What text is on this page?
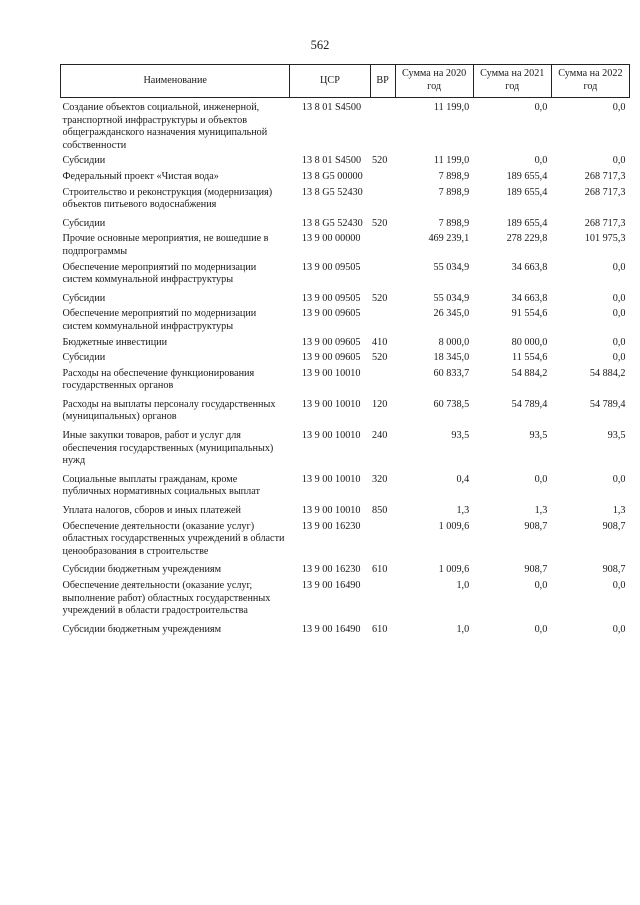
562
Наименование	ЦСР	ВР	Сумма на 2020 год	Сумма на 2021 год	Сумма на 2022 год
Создание объектов социальной, инженерной, транспортной инфраструктуры и объектов общегражданского назначения муниципальной собственности	13 8 01 S4500		11 199,0	0,0	0,0
Субсидии	13 8 01 S4500	520	11 199,0	0,0	0,0
Федеральный проект «Чистая вода»	13 8 G5 00000		7 898,9	189 655,4	268 717,3
Строительство и реконструкция (модернизация) объектов питьевого водоснабжения	13 8 G5 52430		7 898,9	189 655,4	268 717,3
Субсидии	13 8 G5 52430	520	7 898,9	189 655,4	268 717,3
Прочие основные мероприятия, не вошедшие в подпрограммы	13 9 00 00000		469 239,1	278 229,8	101 975,3
Обеспечение мероприятий по модернизации систем коммунальной инфраструктуры	13 9 00 09505		55 034,9	34 663,8	0,0
Субсидии	13 9 00 09505	520	55 034,9	34 663,8	0,0
Обеспечение мероприятий по модернизации систем коммунальной инфраструктуры	13 9 00 09605		26 345,0	91 554,6	0,0
Бюджетные инвестиции	13 9 00 09605	410	8 000,0	80 000,0	0,0
Субсидии	13 9 00 09605	520	18 345,0	11 554,6	0,0
Расходы на обеспечение функционирования государственных органов	13 9 00 10010		60 833,7	54 884,2	54 884,2
Расходы на выплаты персоналу государственных (муниципальных) органов	13 9 00 10010	120	60 738,5	54 789,4	54 789,4
Иные закупки товаров, работ и услуг для обеспечения государственных (муниципальных) нужд	13 9 00 10010	240	93,5	93,5	93,5
Социальные выплаты гражданам, кроме публичных нормативных социальных выплат	13 9 00 10010	320	0,4	0,0	0,0
Уплата налогов, сборов и иных платежей	13 9 00 10010	850	1,3	1,3	1,3
Обеспечение деятельности (оказание услуг) областных государственных учреждений в области ценообразования в строительстве	13 9 00 16230		1 009,6	908,7	908,7
Субсидии бюджетным учреждениям	13 9 00 16230	610	1 009,6	908,7	908,7
Обеспечение деятельности (оказание услуг, выполнение работ) областных государственных учреждений в области градостроительства	13 9 00 16490		1,0	0,0	0,0
Субсидии бюджетным учреждениям	13 9 00 16490	610	1,0	0,0	0,0
